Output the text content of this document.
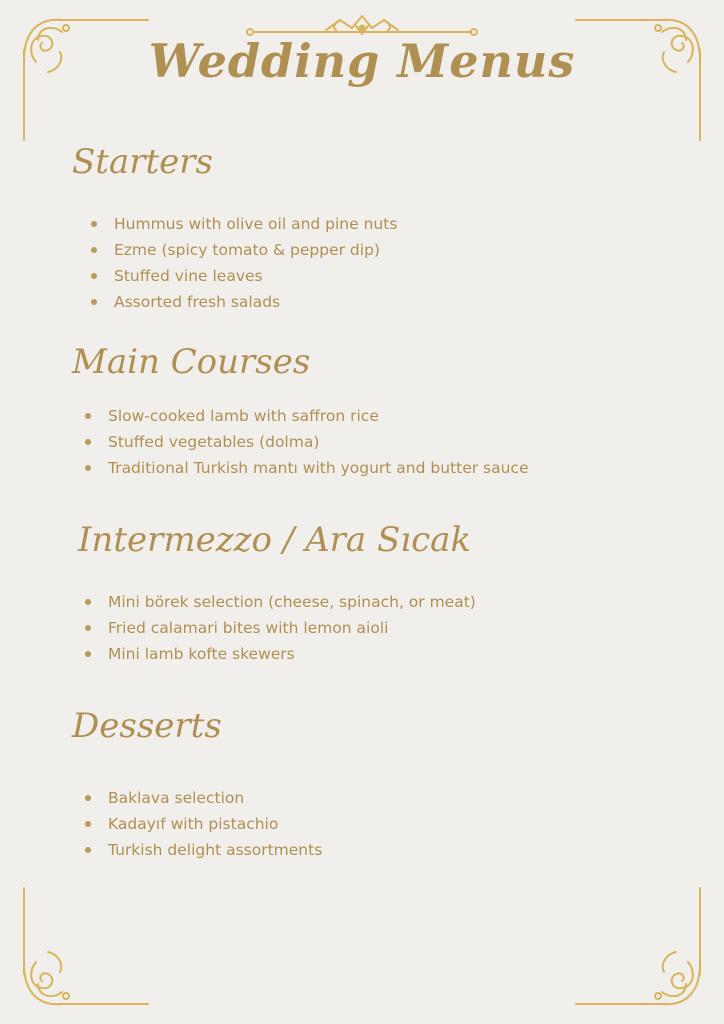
Wedding Menus
Starters
Hummus with olive oil and pine nuts
Ezme (spicy tomato & pepper dip)
Stuffed vine leaves
Assorted fresh salads
Main Courses
Slow-cooked lamb with saffron rice
Stuffed vegetables (dolma)
Traditional Turkish mantı with yogurt and butter sauce
Intermezzo / Ara Sıcak
Mini börek selection (cheese, spinach, or meat)
Fried calamari bites with lemon aioli
Mini lamb kofte skewers
Desserts
Baklava selection
Kadayıf with pistachio
Turkish delight assortments
